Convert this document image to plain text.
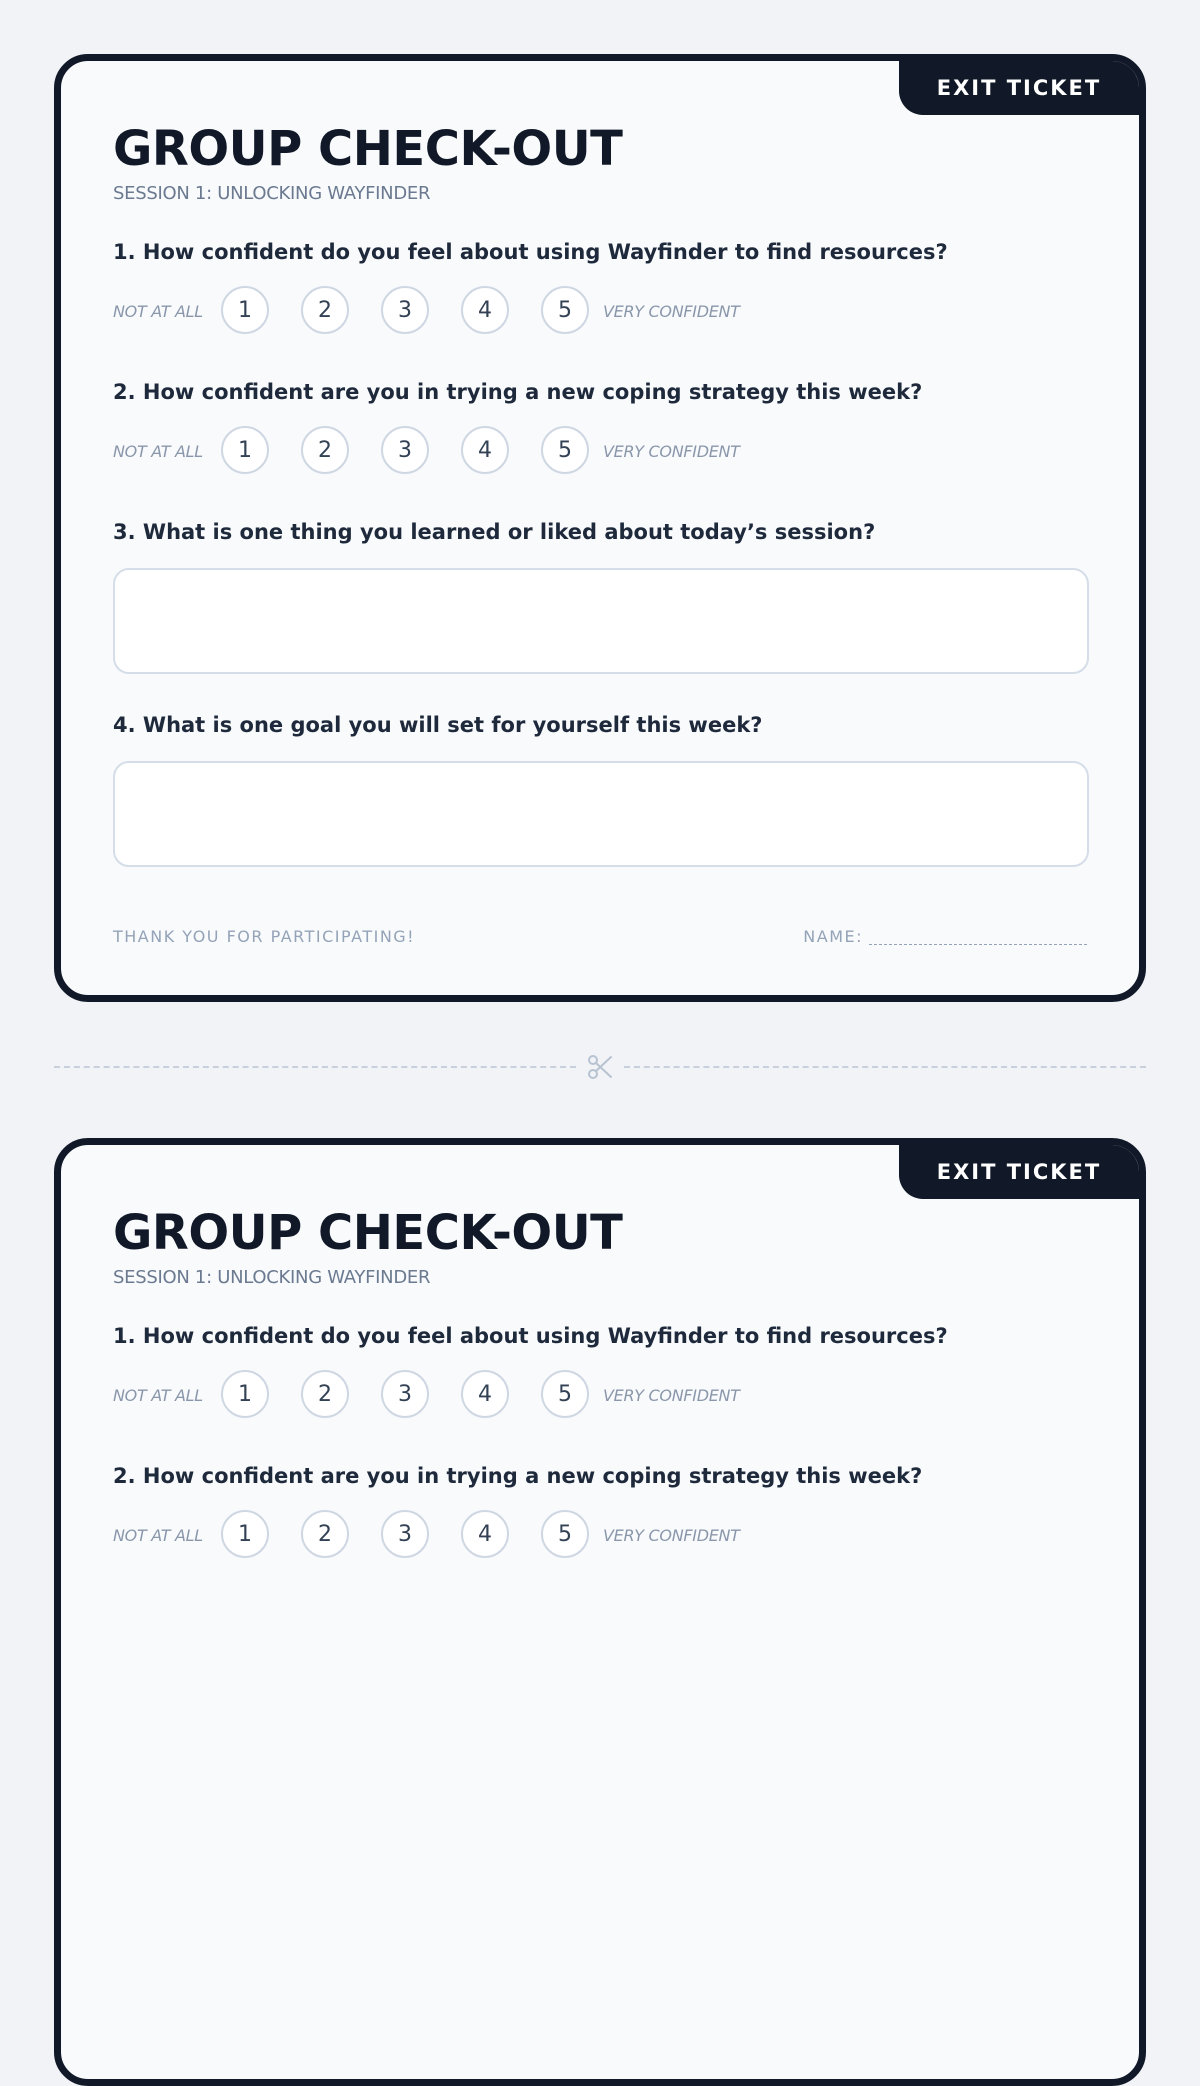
EXIT TICKET
GROUP CHECK-OUT
SESSION 1: UNLOCKING WAYFINDER
1. How confident do you feel about using Wayfinder to find resources?
NOT AT ALL	1	2	3	4	5	VERY CONFIDENT
2. How confident are you in trying a new coping strategy this week?
NOT AT ALL	1	2	3	4	5	VERY CONFIDENT
3. What is one thing you learned or liked about today’s session?
4. What is one goal you will set for yourself this week?
THANK YOU FOR PARTICIPATING!	NAME:
EXIT TICKET
GROUP CHECK-OUT
SESSION 1: UNLOCKING WAYFINDER
1. How confident do you feel about using Wayfinder to find resources?
NOT AT ALL	1	2	3	4	5	VERY CONFIDENT
2. How confident are you in trying a new coping strategy this week?
NOT AT ALL	1	2	3	4	5	VERY CONFIDENT
